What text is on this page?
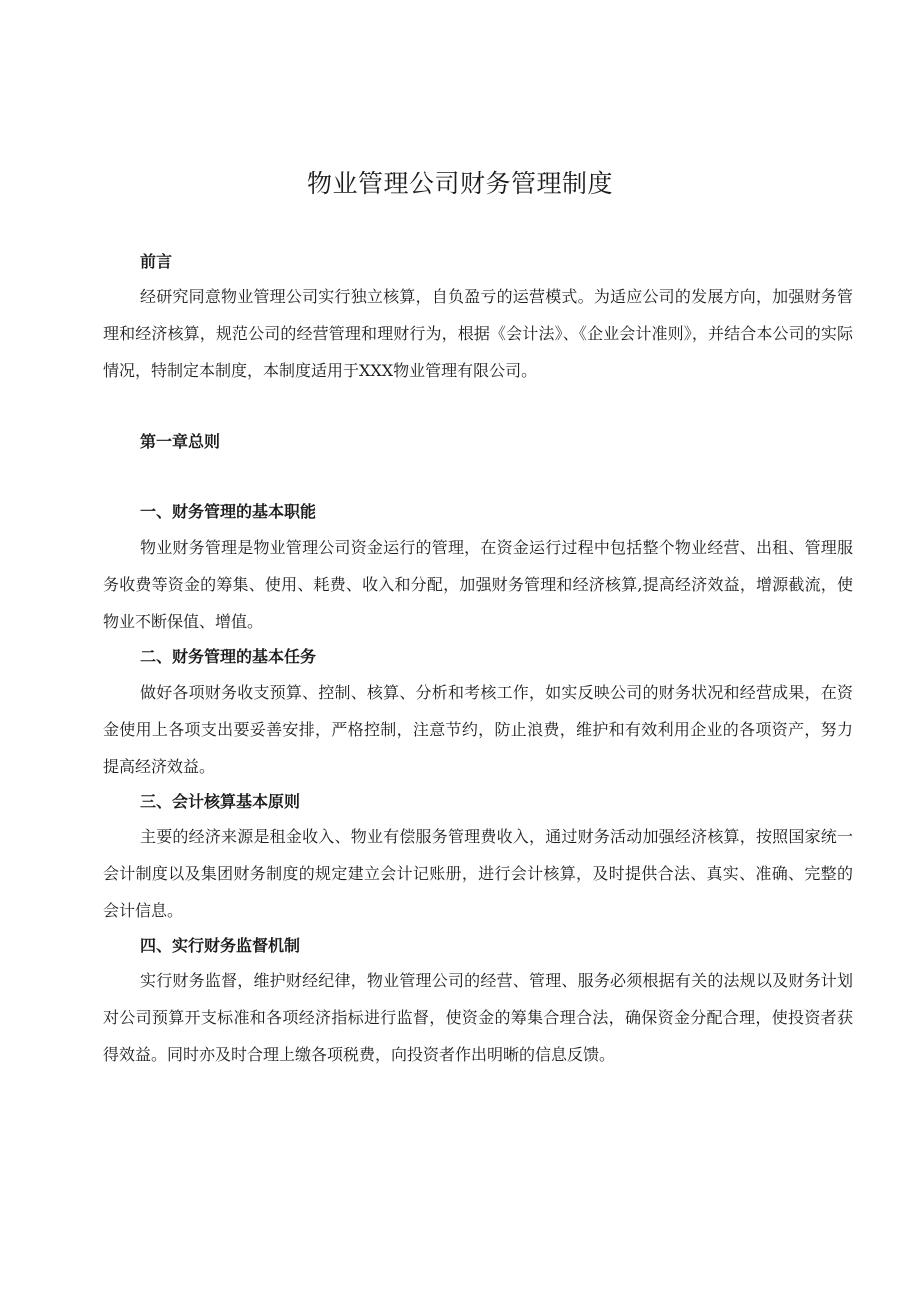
物业管理公司财务管理制度
前言

经研究同意物业管理公司实行独立核算，自负盈亏的运营模式。为适应公司的发展方向，加强财务管理和经济核算，规范公司的经营管理和理财行为，根据《会计法》、《企业会计准则》，并结合本公司的实际情况，特制定本制度，本制度适用于XXX物业管理有限公司。

第一章总则
一、财务管理的基本职能

物业财务管理是物业管理公司资金运行的管理，在资金运行过程中包括整个物业经营、出租、管理服务收费等资金的筹集、使用、耗费、收入和分配，加强财务管理和经济核算,提高经济效益，增源截流，使物业不断保值、增值。

二、财务管理的基本任务

做好各项财务收支预算、控制、核算、分析和考核工作，如实反映公司的财务状况和经营成果，在资金使用上各项支出要妥善安排，严格控制，注意节约，防止浪费，维护和有效利用企业的各项资产，努力提高经济效益。

三、会计核算基本原则

主要的经济来源是租金收入、物业有偿服务管理费收入，通过财务活动加强经济核算，按照国家统一会计制度以及集团财务制度的规定建立会计记账册，进行会计核算，及时提供合法、真实、准确、完整的会计信息。

四、实行财务监督机制

实行财务监督，维护财经纪律，物业管理公司的经营、管理、服务必须根据有关的法规以及财务计划对公司预算开支标准和各项经济指标进行监督，使资金的筹集合理合法，确保资金分配合理，使投资者获得效益。同时亦及时合理上缴各项税费，向投资者作出明晰的信息反馈。
